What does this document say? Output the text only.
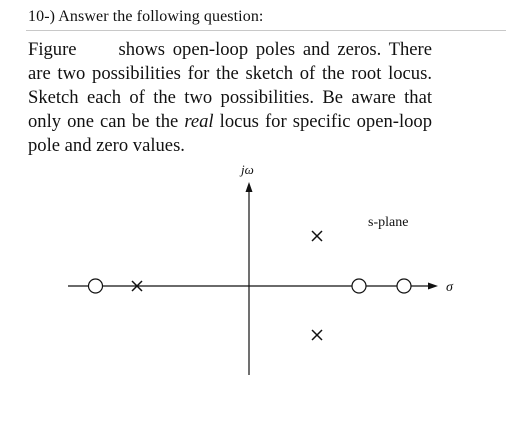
10-) Answer the following question:
Figure shows open-loop poles and zeros. There are two possibilities for the sketch of the root locus. Sketch each of the two possibilities. Be aware that only one can be the real locus for specific open-loop pole and zero values.
jω
σ
s-plane
